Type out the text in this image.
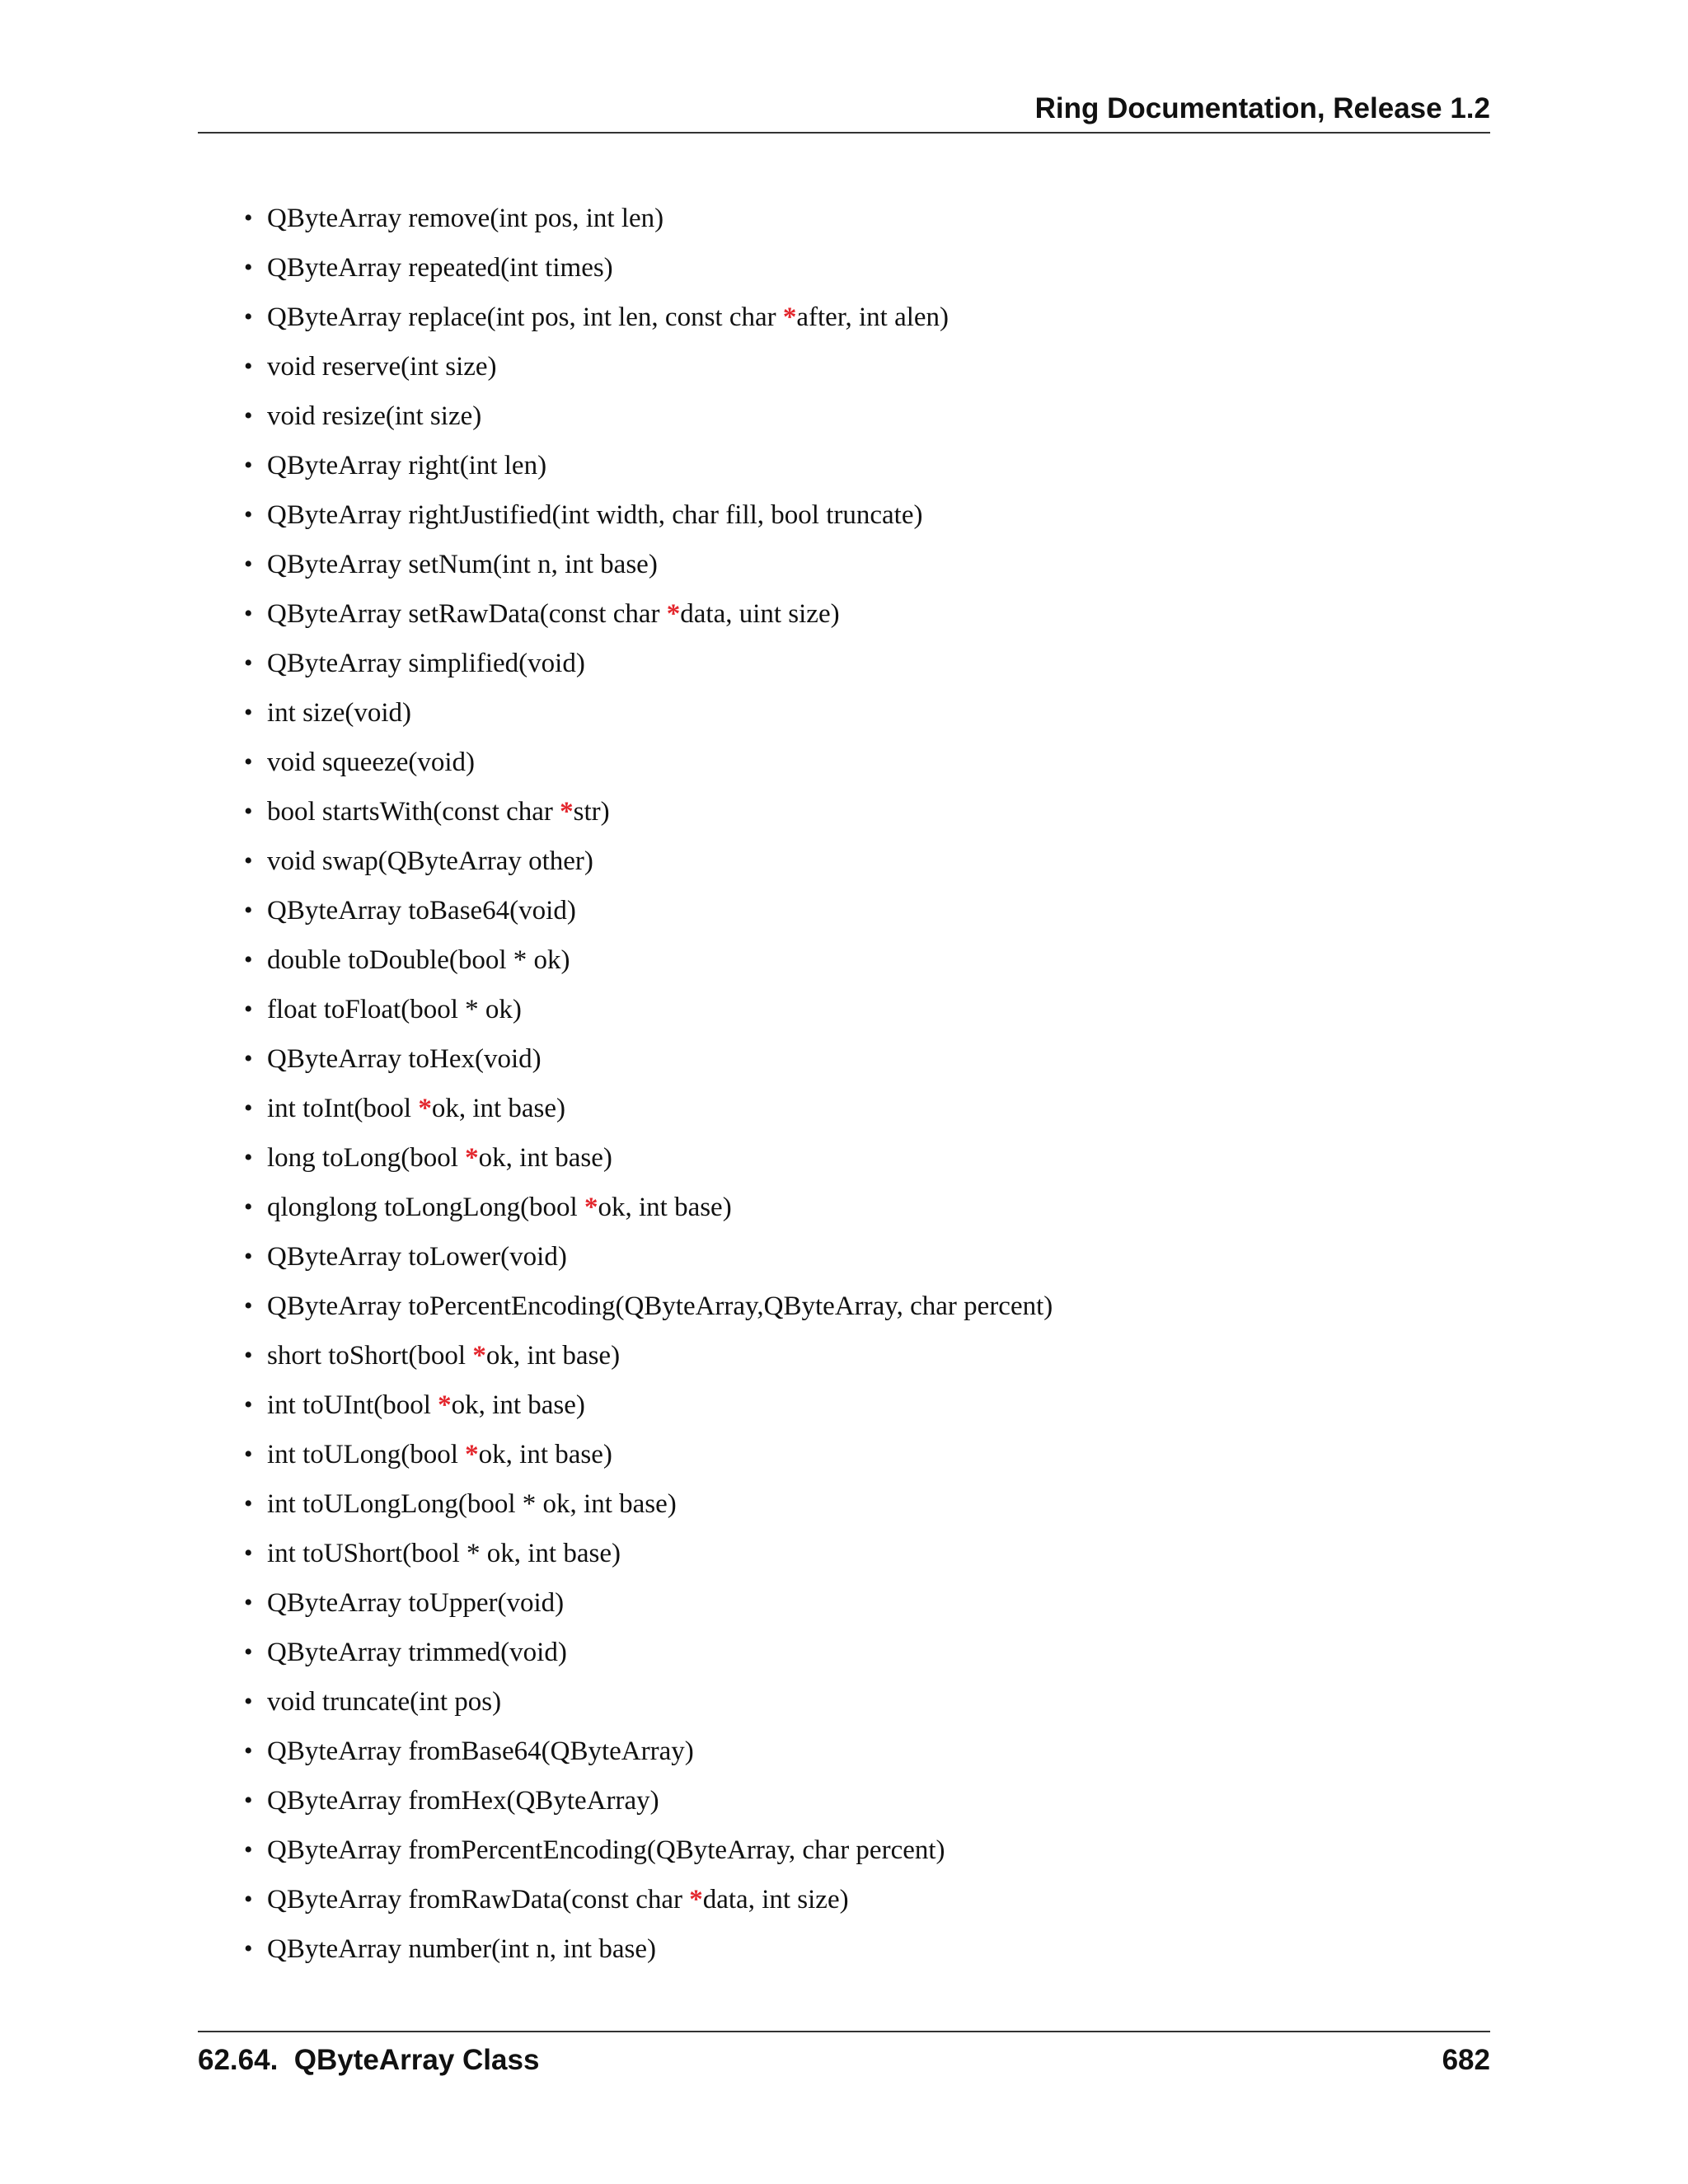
Ring Documentation, Release 1.2
• QByteArray remove(int pos, int len)
• QByteArray repeated(int times)
• QByteArray replace(int pos, int len, const char *after, int alen)
• void reserve(int size)
• void resize(int size)
• QByteArray right(int len)
• QByteArray rightJustified(int width, char fill, bool truncate)
• QByteArray setNum(int n, int base)
• QByteArray setRawData(const char *data, uint size)
• QByteArray simplified(void)
• int size(void)
• void squeeze(void)
• bool startsWith(const char *str)
• void swap(QByteArray other)
• QByteArray toBase64(void)
• double toDouble(bool * ok)
• float toFloat(bool * ok)
• QByteArray toHex(void)
• int toInt(bool *ok, int base)
• long toLong(bool *ok, int base)
• qlonglong toLongLong(bool *ok, int base)
• QByteArray toLower(void)
• QByteArray toPercentEncoding(QByteArray,QByteArray, char percent)
• short toShort(bool *ok, int base)
• int toUInt(bool *ok, int base)
• int toULong(bool *ok, int base)
• int toULongLong(bool * ok, int base)
• int toUShort(bool * ok, int base)
• QByteArray toUpper(void)
• QByteArray trimmed(void)
• void truncate(int pos)
• QByteArray fromBase64(QByteArray)
• QByteArray fromHex(QByteArray)
• QByteArray fromPercentEncoding(QByteArray, char percent)
• QByteArray fromRawData(const char *data, int size)
• QByteArray number(int n, int base)
62.64.  QByteArray Class	682
